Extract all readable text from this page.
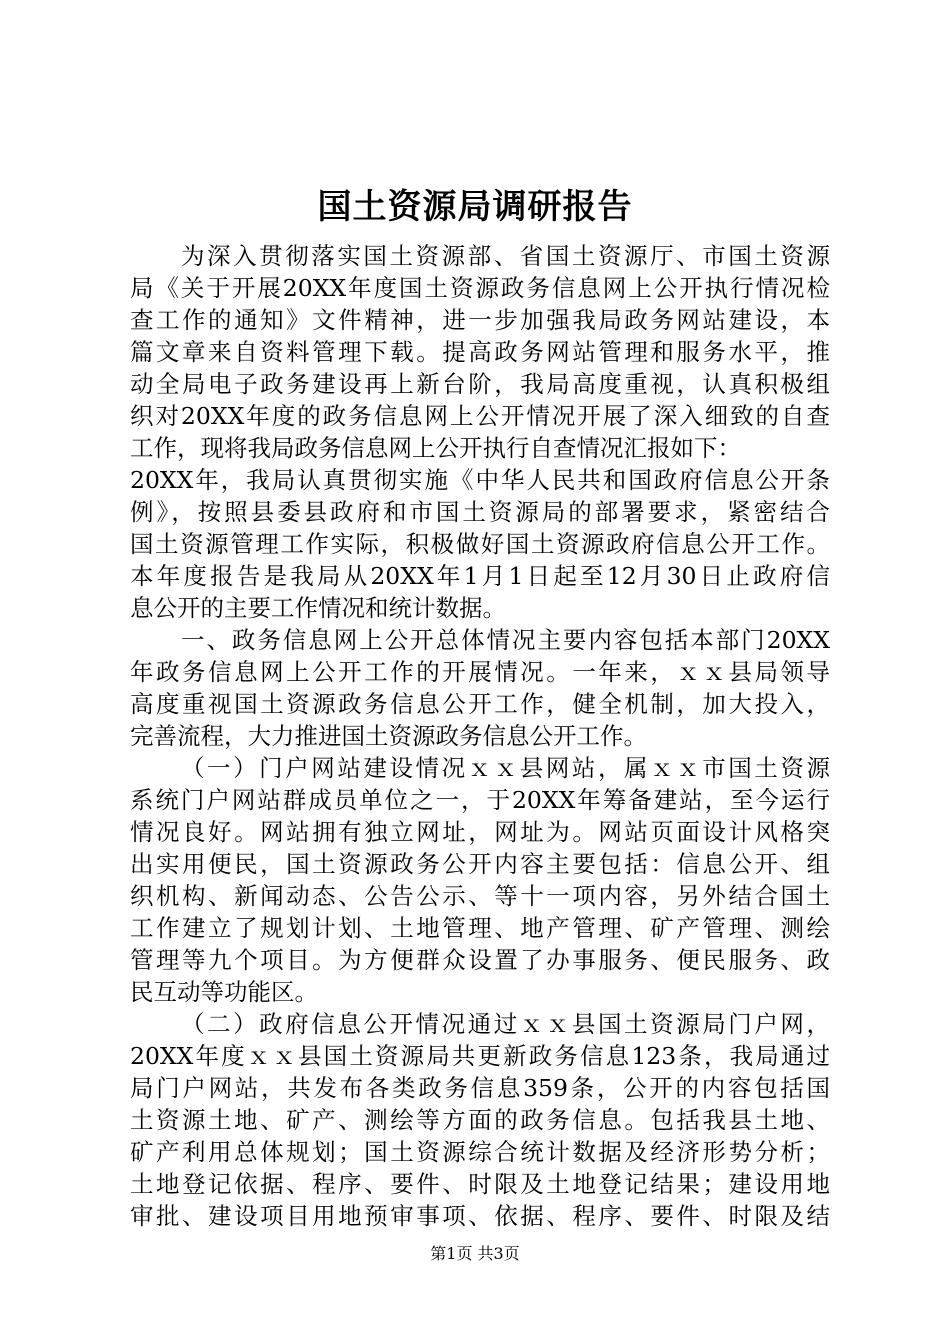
国土资源局调研报告
为深入贯彻落实国土资源部、省国土资源厅、市国土资源
局《关于开展20XX年度国土资源政务信息网上公开执行情况检
查工作的通知》文件精神，进一步加强我局政务网站建设，本
篇文章来自资料管理下载。提高政务网站管理和服务水平，推
动全局电子政务建设再上新台阶，我局高度重视，认真积极组
织对20XX年度的政务信息网上公开情况开展了深入细致的自查
工作，现将我局政务信息网上公开执行自查情况汇报如下：
20XX年，我局认真贯彻实施《中华人民共和国政府信息公开条
例》，按照县委县政府和市国土资源局的部署要求，紧密结合
国土资源管理工作实际，积极做好国土资源政府信息公开工作。
本年度报告是我局从20XX年1月1日起至12月30日止政府信
息公开的主要工作情况和统计数据。
一、政务信息网上公开总体情况主要内容包括本部门20XX
年政务信息网上公开工作的开展情况。一年来，ｘｘ县局领导
高度重视国土资源政务信息公开工作，健全机制，加大投入，
完善流程，大力推进国土资源政务信息公开工作。
（一）门户网站建设情况ｘｘ县网站，属ｘｘ市国土资源
系统门户网站群成员单位之一，于20XX年筹备建站，至今运行
情况良好。网站拥有独立网址，网址为。网站页面设计风格突
出实用便民，国土资源政务公开内容主要包括：信息公开、组
织机构、新闻动态、公告公示、等十一项内容，另外结合国土
工作建立了规划计划、土地管理、地产管理、矿产管理、测绘
管理等九个项目。为方便群众设置了办事服务、便民服务、政
民互动等功能区。
（二）政府信息公开情况通过ｘｘ县国土资源局门户网，
20XX年度ｘｘ县国土资源局共更新政务信息123条，我局通过
局门户网站，共发布各类政务信息359条，公开的内容包括国
土资源土地、矿产、测绘等方面的政务信息。包括我县土地、
矿产利用总体规划；国土资源综合统计数据及经济形势分析；
土地登记依据、程序、要件、时限及土地登记结果；建设用地
审批、建设项目用地预审事项、依据、程序、要件、时限及结
第1页 共3页
